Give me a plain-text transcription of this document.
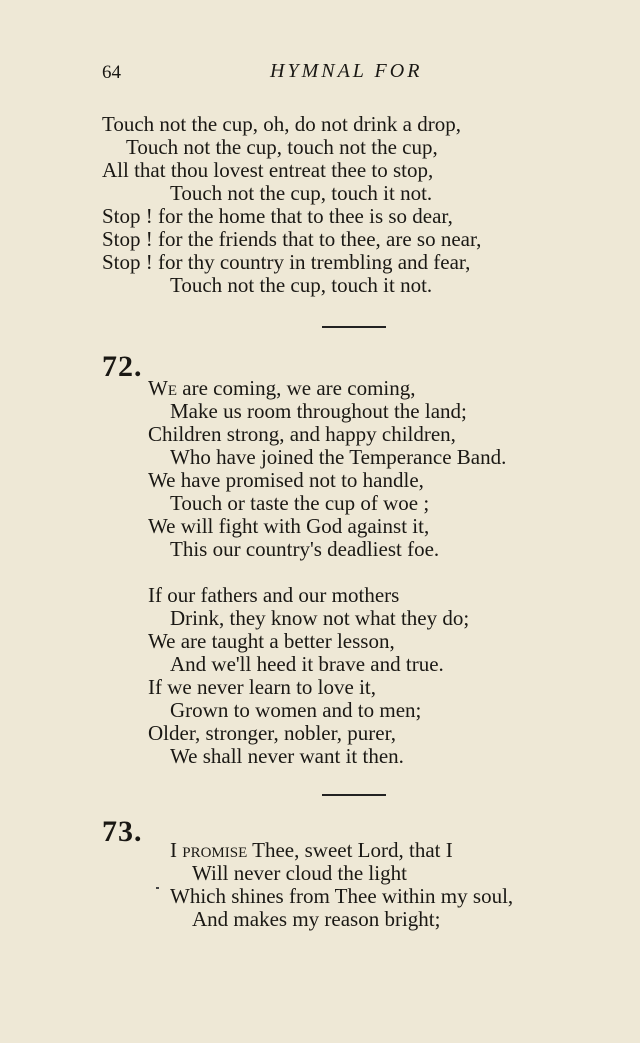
64	HYMNAL FOR
Touch not the cup, oh, do not drink a drop,
Touch not the cup, touch not the cup,
All that thou lovest entreat thee to stop,
Touch not the cup, touch it not.
Stop ! for the home that to thee is so dear,
Stop ! for the friends that to thee, are so near,
Stop ! for thy country in trembling and fear,
Touch not the cup, touch it not.
72.
We are coming, we are coming,
Make us room throughout the land;
Children strong, and happy children,
Who have joined the Temperance Band.
We have promised not to handle,
Touch or taste the cup of woe ;
We will fight with God against it,
This our country's deadliest foe.
If our fathers and our mothers
Drink, they know not what they do;
We are taught a better lesson,
And we'll heed it brave and true.
If we never learn to love it,
Grown to women and to men;
Older, stronger, nobler, purer,
We shall never want it then.
73.
I promise Thee, sweet Lord, that I
Will never cloud the light
Which shines from Thee within my soul,
And makes my reason bright;
